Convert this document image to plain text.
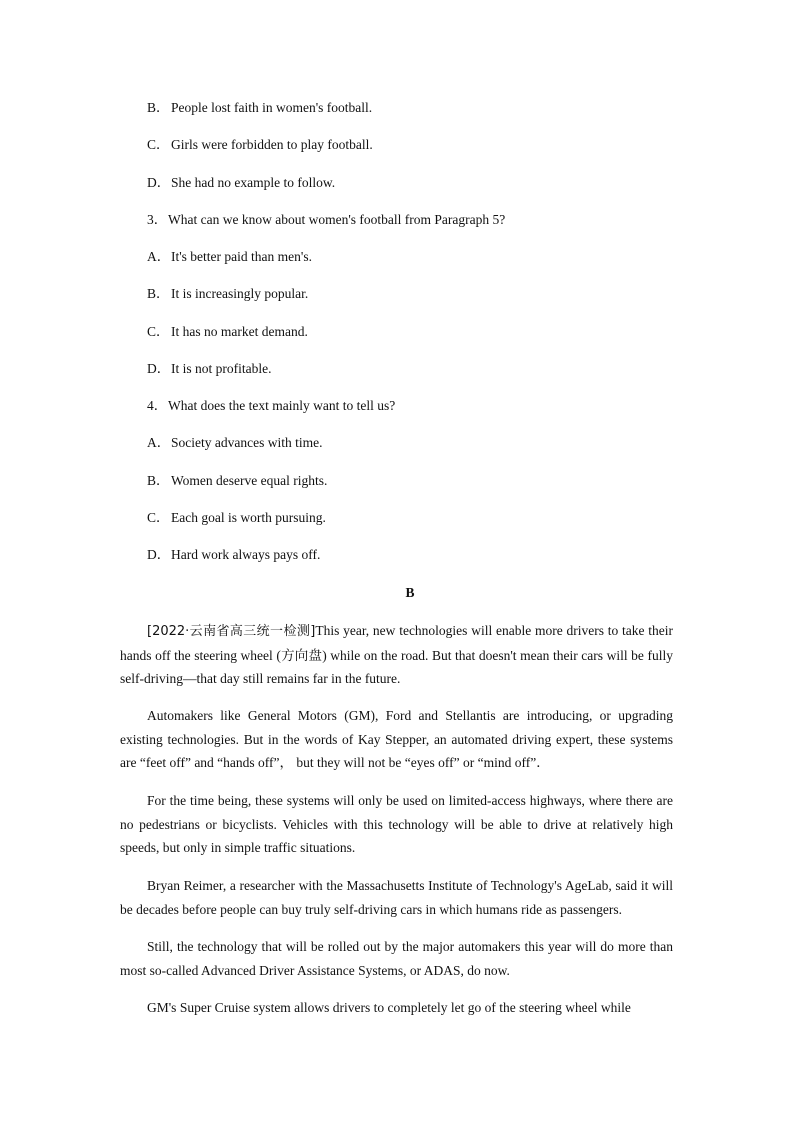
B．People lost faith in women's football.
C．Girls were forbidden to play football.
D．She had no example to follow.
3．What can we know about women's football from Paragraph 5?
A．It's better paid than men's.
B．It is increasingly popular.
C．It has no market demand.
D．It is not profitable.
4．What does the text mainly want to tell us?
A．Society advances with time.
B．Women deserve equal rights.
C．Each goal is worth pursuing.
D．Hard work always pays off.
B

[2022·云南省高三统一检测]This year, new technologies will enable more drivers to take their hands off the steering wheel (方向盘) while on the road. But that doesn't mean their cars will be fully self-driving—that day still remains far in the future.

Automakers like General Motors (GM), Ford and Stellantis are introducing, or upgrading existing technologies. But in the words of Kay Stepper, an automated driving expert, these systems are “feet off” and “hands off”， but they will not be “eyes off” or “mind off”．

For the time being, these systems will only be used on limited-access highways, where there are no pedestrians or bicyclists. Vehicles with this technology will be able to drive at relatively high speeds, but only in simple traffic situations.

Bryan Reimer, a researcher with the Massachusetts Institute of Technology's AgeLab, said it will be decades before people can buy truly self-driving cars in which humans ride as passengers.

Still, the technology that will be rolled out by the major automakers this year will do more than most so-called Advanced Driver Assistance Systems, or ADAS, do now.

GM's Super Cruise system allows drivers to completely let go of the steering wheel while
